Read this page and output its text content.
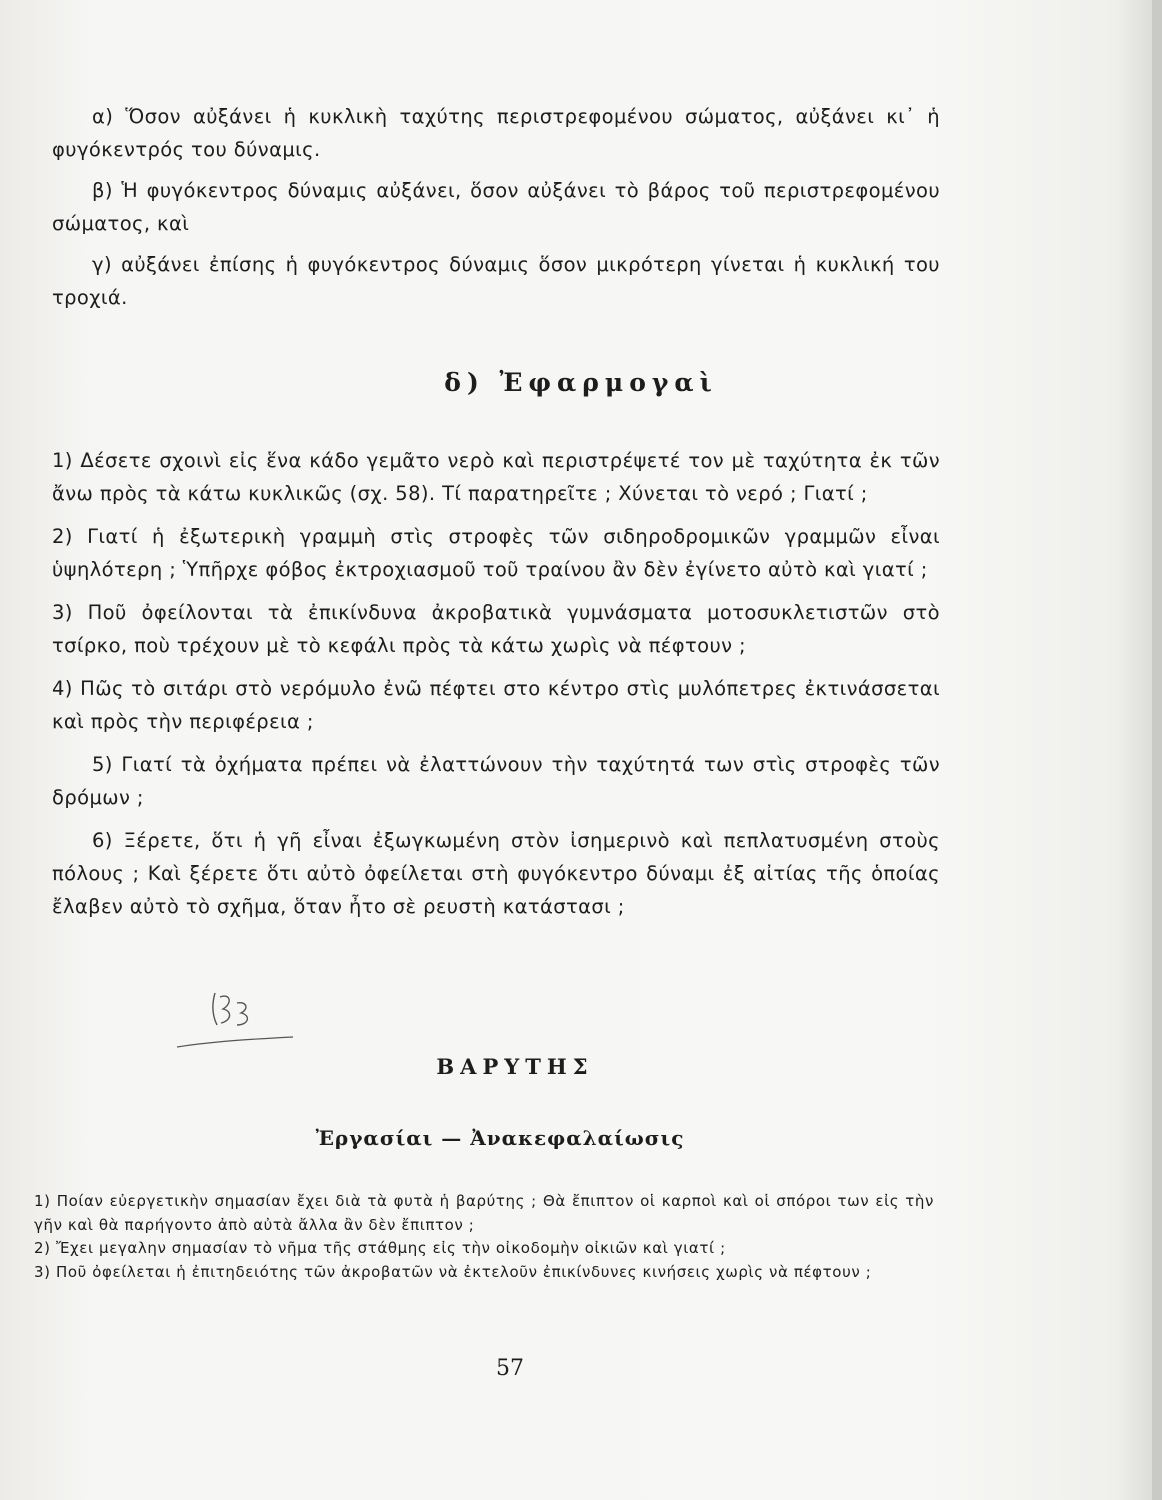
α) Ὅσον αὐξάνει ἡ κυκλικὴ ταχύτης περιστρεφομένου σώματος, αὐξάνει κι᾽ ἡ φυγόκεντρός του δύναμις.

β) Ἡ φυγόκεντρος δύναμις αὐξάνει, ὅσον αὐξάνει τὸ βάρος τοῦ περιστρεφομένου σώματος, καὶ

γ) αὐξάνει ἐπίσης ἡ φυγόκεντρος δύναμις ὅσον μικρότερη γίνεται ἡ κυκλική του τροχιά.

δ) Ἐφαρμογαὶ

1) Δέσετε σχοινὶ εἰς ἕνα κάδο γεμᾶτο νερὸ καὶ περιστρέψετέ τον μὲ ταχύτητα ἐκ τῶν ἄνω πρὸς τὰ κάτω κυκλικῶς (σχ. 58). Τί παρατηρεῖτε ; Χύνεται τὸ νερό ; Γιατί ;

2) Γιατί ἡ ἐξωτερικὴ γραμμὴ στὶς στροφὲς τῶν σιδηροδρομικῶν γραμμῶν εἶναι ὑψηλότερη ; Ὑπῆρχε φόβος ἐκτροχιασμοῦ τοῦ τραίνου ἂν δὲν ἐγίνετο αὐτὸ καὶ γιατί ;

3) Ποῦ ὀφείλονται τὰ ἐπικίνδυνα ἀκροβατικὰ γυμνάσματα μοτοσυκλετιστῶν στὸ τσίρκο, ποὺ τρέχουν μὲ τὸ κεφάλι πρὸς τὰ κάτω χωρὶς νὰ πέφτουν ;

4) Πῶς τὸ σιτάρι στὸ νερόμυλο ἐνῶ πέφτει στο κέντρο στὶς μυλόπετρες ἐκτινάσσεται καὶ πρὸς τὴν περιφέρεια ;

5) Γιατί τὰ ὀχήματα πρέπει νὰ ἐλαττώνουν τὴν ταχύτητά των στὶς στροφὲς τῶν δρόμων ;

6) Ξέρετε, ὅτι ἡ γῆ εἶναι ἐξωγκωμένη στὸν ἰσημερινὸ καὶ πεπλατυσμένη στοὺς πόλους ; Καὶ ξέρετε ὅτι αὐτὸ ὀφείλεται στὴ φυγόκεντρο δύναμι ἐξ αἰτίας τῆς ὁποίας ἔλαβεν αὐτὸ τὸ σχῆμα, ὅταν ἦτο σὲ ρευστὴ κατάστασι ;

ΒΑΡΥΤΗΣ
Ἐργασίαι — Ἀνακεφαλαίωσις

1) Ποίαν εὐεργετικὴν σημασίαν ἔχει διὰ τὰ φυτὰ ἡ βαρύτης ; Θὰ ἔπιπτον οἱ καρποὶ καὶ οἱ σπόροι των εἰς τὴν γῆν καὶ θὰ παρήγοντο ἀπὸ αὐτὰ ἄλλα ἂν δὲν ἔπιπτον ;

2) Ἔχει μεγαλην σημασίαν τὸ νῆμα τῆς στάθμης εἰς τὴν οἰκοδομὴν οἰκιῶν καὶ γιατί ;

3) Ποῦ ὀφείλεται ἡ ἐπιτηδειότης τῶν ἀκροβατῶν νὰ ἐκτελοῦν ἐπικίνδυνες κινήσεις χωρὶς νὰ πέφτουν ;

57
